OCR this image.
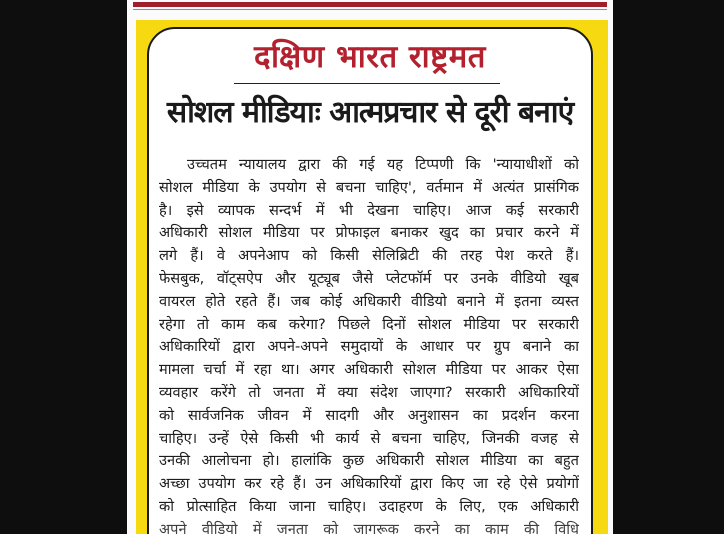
दक्षिण भारत राष्ट्रमत
सोशल मीडियाः आत्मप्रचार से दूरी बनाएं
उच्चतम न्यायालय द्वारा की गई यह टिप्पणी कि 'न्यायाधीशों को
सोशल मीडिया के उपयोग से बचना चाहिए', वर्तमान में अत्यंत प्रासंगिक
है। इसे व्यापक सन्दर्भ में भी देखना चाहिए। आज कई सरकारी
अधिकारी सोशल मीडिया पर प्रोफाइल बनाकर खुद का प्रचार करने में
लगे हैं। वे अपनेआप को किसी सेलिब्रिटी की तरह पेश करते हैं।
फेसबुक, वॉट्सऐप और यूट्यूब जैसे प्लेटफॉर्म पर उनके वीडियो खूब
वायरल होते रहते हैं। जब कोई अधिकारी वीडियो बनाने में इतना व्यस्त
रहेगा तो काम कब करेगा? पिछले दिनों सोशल मीडिया पर सरकारी
अधिकारियों द्वारा अपने-अपने समुदायों के आधार पर ग्रुप बनाने का
मामला चर्चा में रहा था। अगर अधिकारी सोशल मीडिया पर आकर ऐसा
व्यवहार करेंगे तो जनता में क्या संदेश जाएगा? सरकारी अधिकारियों
को सार्वजनिक जीवन में सादगी और अनुशासन का प्रदर्शन करना
चाहिए। उन्हें ऐसे किसी भी कार्य से बचना चाहिए, जिनकी वजह से
उनकी आलोचना हो। हालांकि कुछ अधिकारी सोशल मीडिया का बहुत
अच्छा उपयोग कर रहे हैं। उन अधिकारियों द्वारा किए जा रहे ऐसे प्रयोगों
को प्रोत्साहित किया जाना चाहिए। उदाहरण के लिए, एक अधिकारी
अपने वीडियो में जनता को जागरूक करने का काम की विधि
